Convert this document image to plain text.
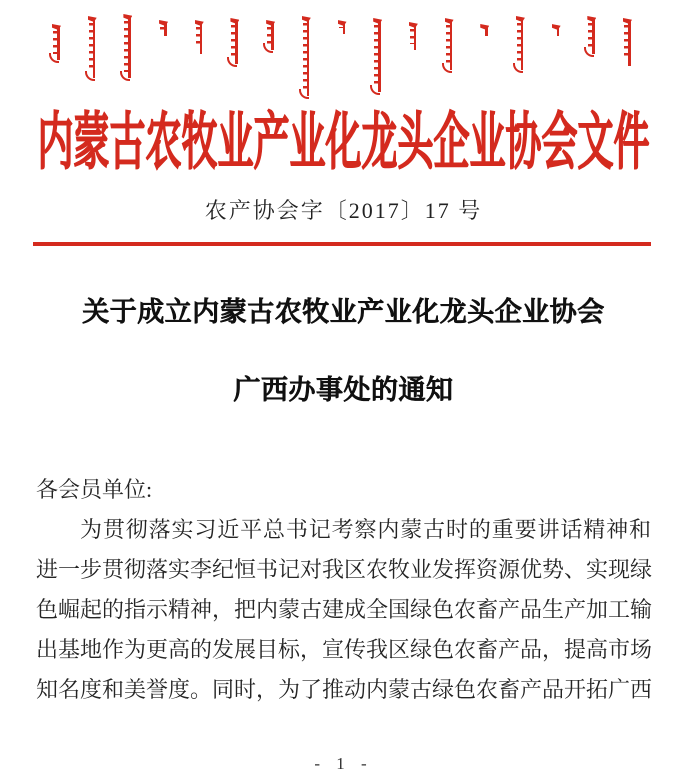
内蒙古农牧业产业化龙头企业协会文件
农产协会字〔2017〕17 号
关于成立内蒙古农牧业产业化龙头企业协会
广西办事处的通知
各会员单位:
为贯彻落实习近平总书记考察内蒙古时的重要讲话精神和
进一步贯彻落实李纪恒书记对我区农牧业发挥资源优势、实现绿
色崛起的指示精神，把内蒙古建成全国绿色农畜产品生产加工输
出基地作为更高的发展目标，宣传我区绿色农畜产品，提高市场
知名度和美誉度。同时，为了推动内蒙古绿色农畜产品开拓广西
- 1 -
